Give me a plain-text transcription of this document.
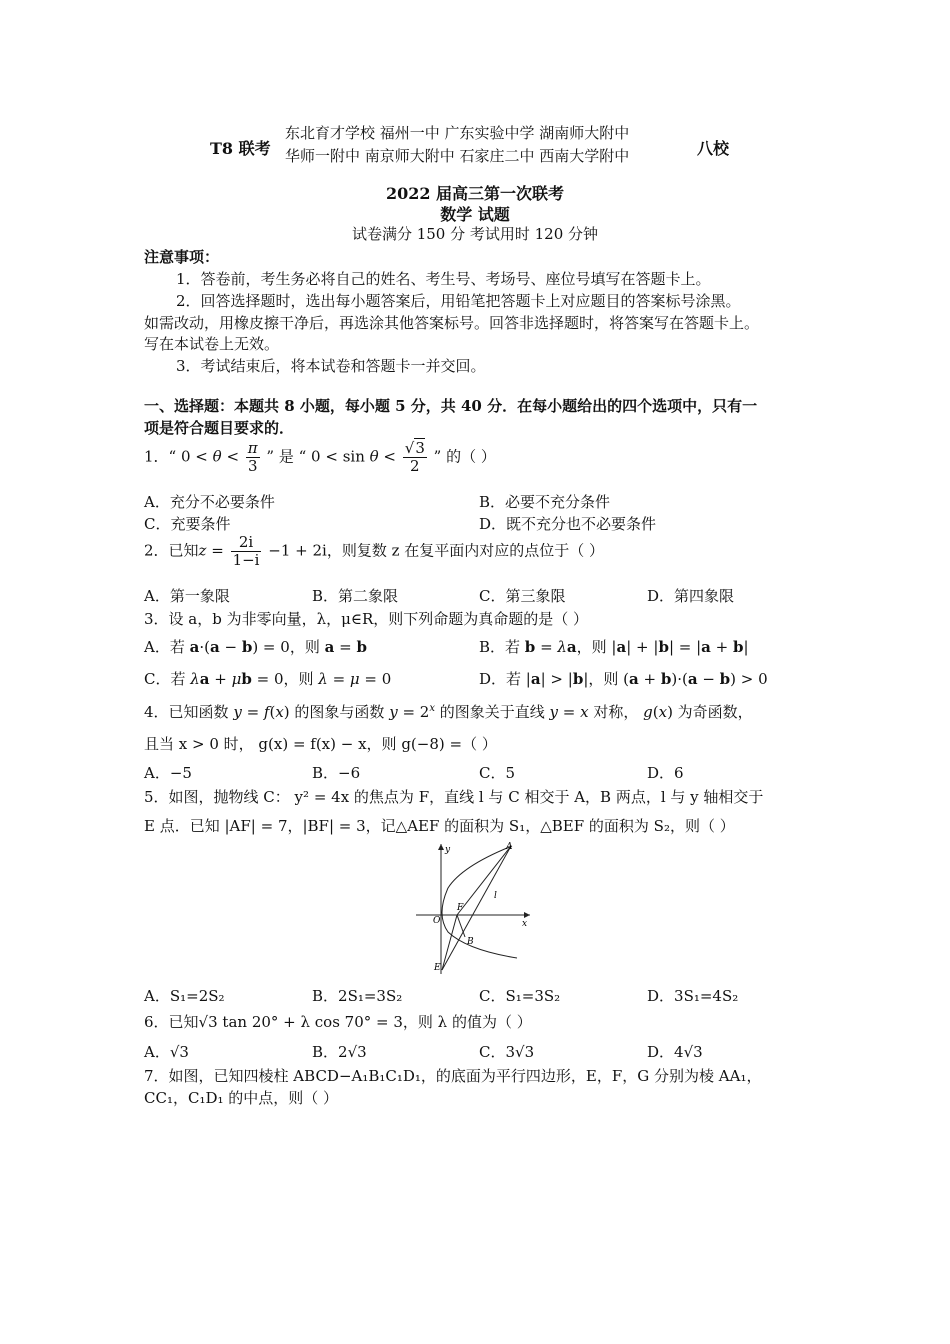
T8 联考
东北育才学校 福州一中 广东实验中学 湖南师大附中
华师一附中 南京师大附中 石家庄二中 西南大学附中	八校
2022 届高三第一次联考
数学 试题
试卷满分 150 分 考试用时 120 分钟
注意事项：
1．答卷前，考生务必将自己的姓名、考生号、考场号、座位号填写在答题卡上。
2．回答选择题时，选出每小题答案后，用铅笔把答题卡上对应题目的答案标号涂黑。
如需改动，用橡皮擦干净后，再选涂其他答案标号。回答非选择题时，将答案写在答题卡上。
写在本试卷上无效。
3．考试结束后，将本试卷和答题卡一并交回。
一、选择题：本题共 8 小题，每小题 5 分，共 40 分．在每小题给出的四个选项中，只有一
项是符合题目要求的．
1．“ $0 < \theta < \frac{\pi}{3}$ ” 是 “ $0 < \sin \theta < \frac{√3}{2}$ ” 的（ ）
A．充分不必要条件	B．必要不充分条件
C．充要条件	D．既不充分也不必要条件
2．已知$z = \frac{2i}{1-i} -1 + 2i$，则复数 z 在复平面内对应的点位于（ ）
A．第一象限	B．第二象限	C．第三象限	D．第四象限
3．设 a，b 为非零向量，λ，μ∈R，则下列命题为真命题的是（ ）
A．若 a·(a − b) = 0，则 a = b	B．若 b = λa，则 |a| + |b| = |a + b|
C．若 λa + μb = 0，则 λ = μ = 0	D．若 |a| > |b|，则 (a + b)·(a − b) > 0
4．已知函数 y = f(x) 的图象与函数 $y = 2^x$ 的图象关于直线 y = x 对称， g(x) 为奇函数，
且当 x > 0 时， g(x) = f(x) − x，则 g(−8) =（ ）
A．−5	B．−6	C．5	D．6
5．如图，抛物线 C： y² = 4x 的焦点为 F，直线 l 与 C 相交于 A，B 两点，l 与 y 轴相交于
E 点．已知 |AF| = 7，|BF| = 3，记△AEF 的面积为 S₁，△BEF 的面积为 S₂，则（ ）
y	A
F
O	x
l
B
E
A．S₁=2S₂	B．2S₁=3S₂	C．S₁=3S₂	D．3S₁=4S₂
6．已知√3 tan 20° + λ cos 70° = 3，则 λ 的值为（ ）
A．√3	B．2√3	C．3√3	D．4√3
7．如图，已知四棱柱 ABCD−A₁B₁C₁D₁，的底面为平行四边形，E，F，G 分别为棱 AA₁，
CC₁，C₁D₁ 的中点，则（ ）
